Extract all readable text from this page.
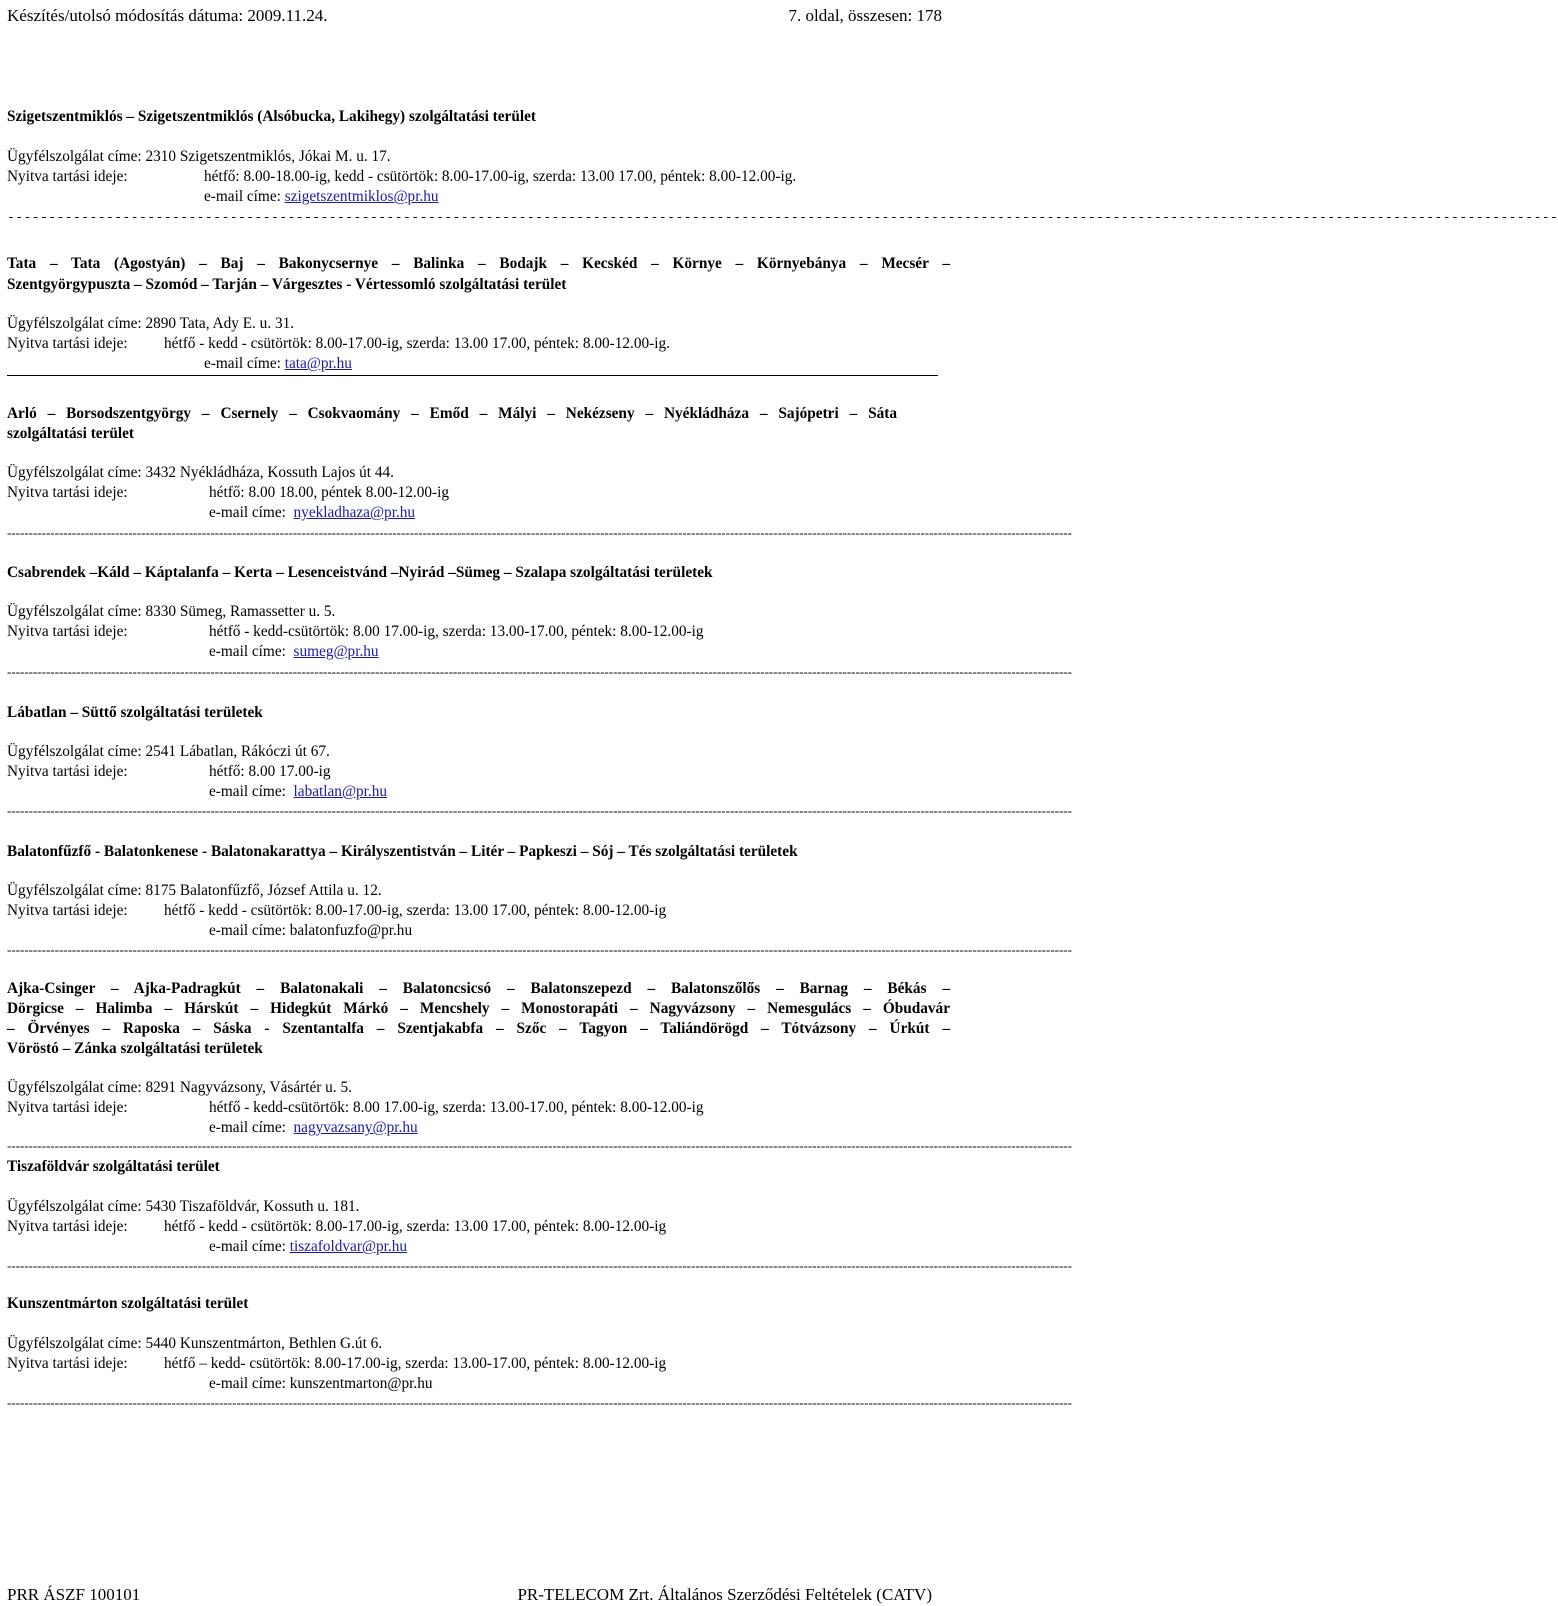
Készítés/utolsó módosítás dátuma: 2009.11.24.	7. oldal, összesen: 178
Szigetszentmiklós – Szigetszentmiklós (Alsóbucka, Lakihegy) szolgáltatási terület
Ügyfélszolgálat címe: 2310 Szigetszentmiklós, Jókai M. u. 17.
Nyitva tartási ideje:	hétfő: 8.00-18.00-ig, kedd - csütörtök: 8.00-17.00-ig, szerda: 13.00 17.00, péntek: 8.00-12.00-ig.
e-mail címe: szigetszentmiklos@pr.hu
--------------------------------------------------------------------------------------------------------------------------------------------------------------------------------------------
Tata – Tata (Agostyán) – Baj – Bakonycsernye – Balinka – Bodajk – Kecskéd – Környe – Környebánya – Mecsér –
Szentgyörgypuszta – Szomód – Tarján – Várgesztes - Vértessomló szolgáltatási terület
Ügyfélszolgálat címe: 2890 Tata, Ady E. u. 31.
Nyitva tartási ideje: hétfő - kedd - csütörtök: 8.00-17.00-ig, szerda: 13.00 17.00, péntek: 8.00-12.00-ig.
e-mail címe: tata@pr.hu
Arló – Borsodszentgyörgy – Csernely – Csokvaomány – Emőd – Mályi – Nekézseny – Nyékládháza – Sajópetri – Sáta
szolgáltatási terület
Ügyfélszolgálat címe: 3432 Nyékládháza, Kossuth Lajos út 44.
Nyitva tartási ideje:	hétfő: 8.00 18.00, péntek 8.00-12.00-ig
e-mail címe: nyekladhaza@pr.hu
------------------------------------------------------------------------------------------------------------------------------------------------------------------------------------------------------------------------------------------------------
Csabrendek –Káld – Káptalanfa – Kerta – Lesenceistvánd –Nyirád –Sümeg – Szalapa szolgáltatási területek
Ügyfélszolgálat címe: 8330 Sümeg, Ramassetter u. 5.
Nyitva tartási ideje:	hétfő - kedd-csütörtök: 8.00 17.00-ig, szerda: 13.00-17.00, péntek: 8.00-12.00-ig
e-mail címe: sumeg@pr.hu
------------------------------------------------------------------------------------------------------------------------------------------------------------------------------------------------------------------------------------------------------
Lábatlan – Süttő szolgáltatási területek
Ügyfélszolgálat címe: 2541 Lábatlan, Rákóczi út 67.
Nyitva tartási ideje:	hétfő: 8.00 17.00-ig
e-mail címe: labatlan@pr.hu
------------------------------------------------------------------------------------------------------------------------------------------------------------------------------------------------------------------------------------------------------
Balatonfűzfő - Balatonkenese - Balatonakarattya – Királyszentistván – Litér – Papkeszi – Sój – Tés szolgáltatási területek
Ügyfélszolgálat címe: 8175 Balatonfűzfő, József Attila u. 12.
Nyitva tartási ideje: hétfő - kedd - csütörtök: 8.00-17.00-ig, szerda: 13.00 17.00, péntek: 8.00-12.00-ig
e-mail címe: balatonfuzfo@pr.hu
------------------------------------------------------------------------------------------------------------------------------------------------------------------------------------------------------------------------------------------------------
Ajka-Csinger – Ajka-Padragkút – Balatonakali – Balatoncsicsó – Balatonszepezd – Balatonszőlős – Barnag – Békás –
Dörgicse – Halimba – Hárskút – Hidegkút Márkó – Mencshely – Monostorapáti – Nagyvázsony – Nemesgulács – Óbudavár
– Örvényes – Raposka – Sáska - Szentantalfa – Szentjakabfa – Szőc – Tagyon – Taliándörögd – Tótvázsony – Úrkút –
Vöröstó – Zánka szolgáltatási területek
Ügyfélszolgálat címe: 8291 Nagyvázsony, Vásártér u. 5.
Nyitva tartási ideje:	hétfő - kedd-csütörtök: 8.00 17.00-ig, szerda: 13.00-17.00, péntek: 8.00-12.00-ig
e-mail címe: nagyvazsany@pr.hu
------------------------------------------------------------------------------------------------------------------------------------------------------------------------------------------------------------------------------------------------------
Tiszaföldvár szolgáltatási terület
Ügyfélszolgálat címe: 5430 Tiszaföldvár, Kossuth u. 181.
Nyitva tartási ideje: hétfő - kedd - csütörtök: 8.00-17.00-ig, szerda: 13.00 17.00, péntek: 8.00-12.00-ig
e-mail címe: tiszafoldvar@pr.hu
------------------------------------------------------------------------------------------------------------------------------------------------------------------------------------------------------------------------------------------------------
Kunszentmárton szolgáltatási terület
Ügyfélszolgálat címe: 5440 Kunszentmárton, Bethlen G.út 6.
Nyitva tartási ideje: hétfő – kedd- csütörtök: 8.00-17.00-ig, szerda: 13.00-17.00, péntek: 8.00-12.00-ig
e-mail címe: kunszentmarton@pr.hu
------------------------------------------------------------------------------------------------------------------------------------------------------------------------------------------------------------------------------------------------------
PRR ÁSZF 100101	PR-TELECOM Zrt. Általános Szerződési Feltételek (CATV)
